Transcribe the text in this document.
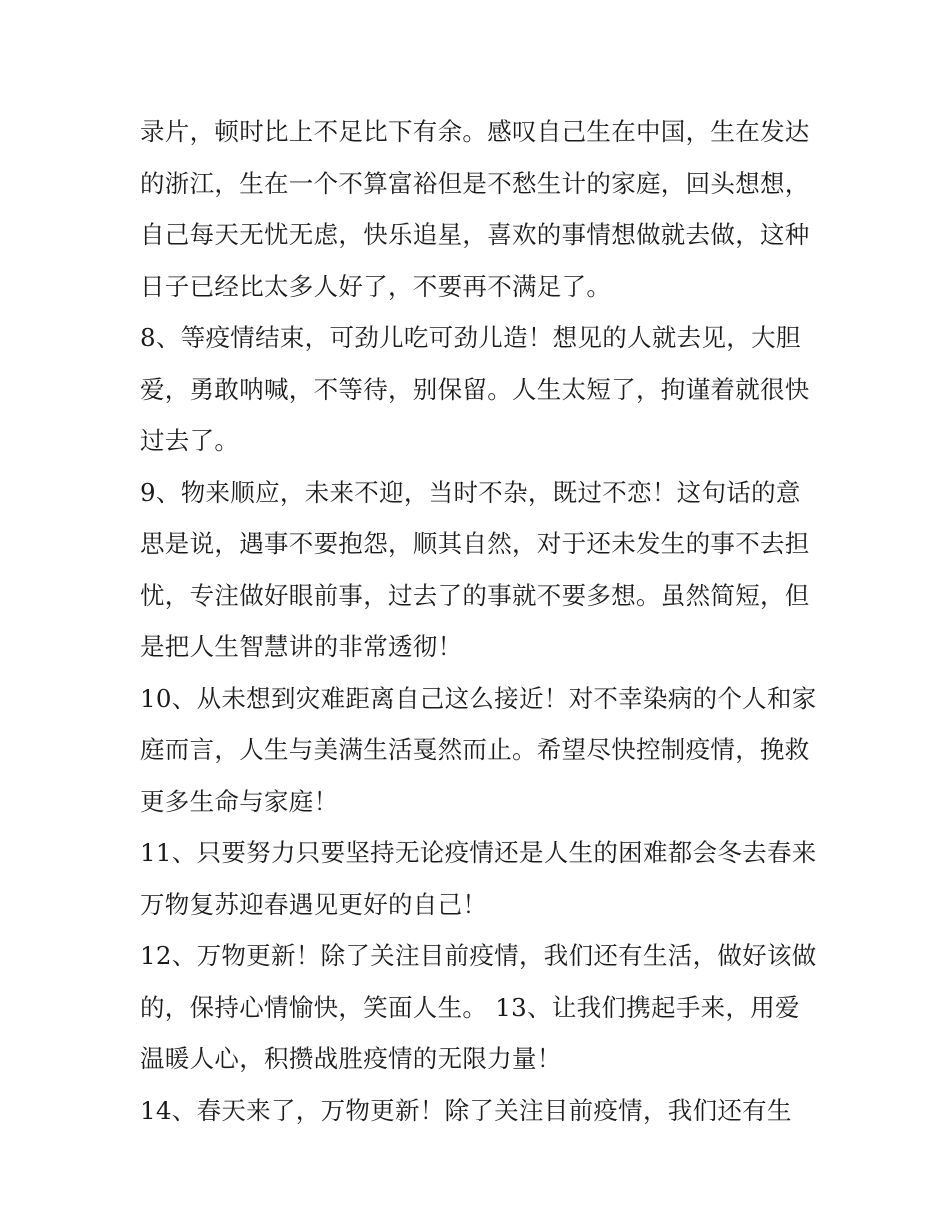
录片，顿时比上不足比下有余。感叹自己生在中国，生在发达
的浙江，生在一个不算富裕但是不愁生计的家庭，回头想想，
自己每天无忧无虑，快乐追星，喜欢的事情想做就去做，这种
日子已经比太多人好了，不要再不满足了。
8、等疫情结束，可劲儿吃可劲儿造！想见的人就去见，大胆
爱，勇敢呐喊，不等待，别保留。人生太短了，拘谨着就很快
过去了。
9、物来顺应，未来不迎，当时不杂，既过不恋！这句话的意
思是说，遇事不要抱怨，顺其自然，对于还未发生的事不去担
忧，专注做好眼前事，过去了的事就不要多想。虽然简短，但
是把人生智慧讲的非常透彻！
10、从未想到灾难距离自己这么接近！对不幸染病的个人和家
庭而言，人生与美满生活戛然而止。希望尽快控制疫情，挽救
更多生命与家庭！
11、只要努力只要坚持无论疫情还是人生的困难都会冬去春来
万物复苏迎春遇见更好的自己！
12、万物更新！除了关注目前疫情，我们还有生活，做好该做
的，保持心情愉快，笑面人生。 13、让我们携起手来，用爱
温暖人心，积攒战胜疫情的无限力量！
14、春天来了，万物更新！除了关注目前疫情，我们还有生
